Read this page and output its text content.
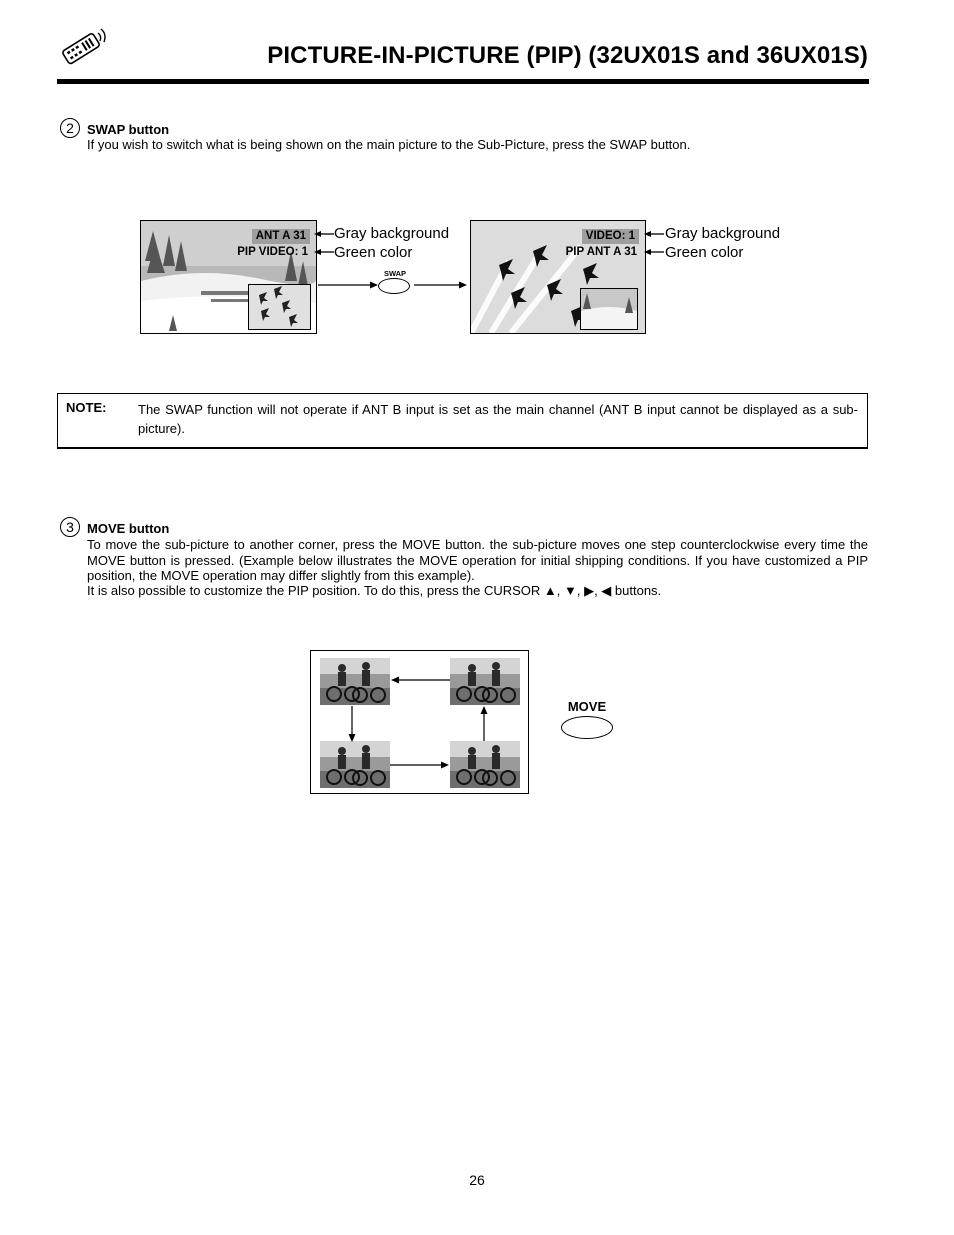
PICTURE-IN-PICTURE (PIP) (32UX01S and 36UX01S)
2	SWAP button
If you wish to switch what is being shown on the main picture to the Sub-Picture, press the SWAP button.
ANT A 31
PIP VIDEO: 1
Gray background
Green color
SWAP
VIDEO: 1
PIP ANT A 31
Gray background
Green color
NOTE: The SWAP function will not operate if ANT B input is set as the main channel (ANT B input cannot be displayed as a sub-picture).
3	MOVE button
To move the sub-picture to another corner, press the MOVE button. the sub-picture moves one step counterclockwise every time the MOVE button is pressed. (Example below illustrates the MOVE operation for initial shipping conditions. If you have customized a PIP position, the MOVE operation may differ slightly from this example).
It is also possible to customize the PIP position. To do this, press the CURSOR ▲, ▼, ▶, ◀ buttons.
MOVE
26
